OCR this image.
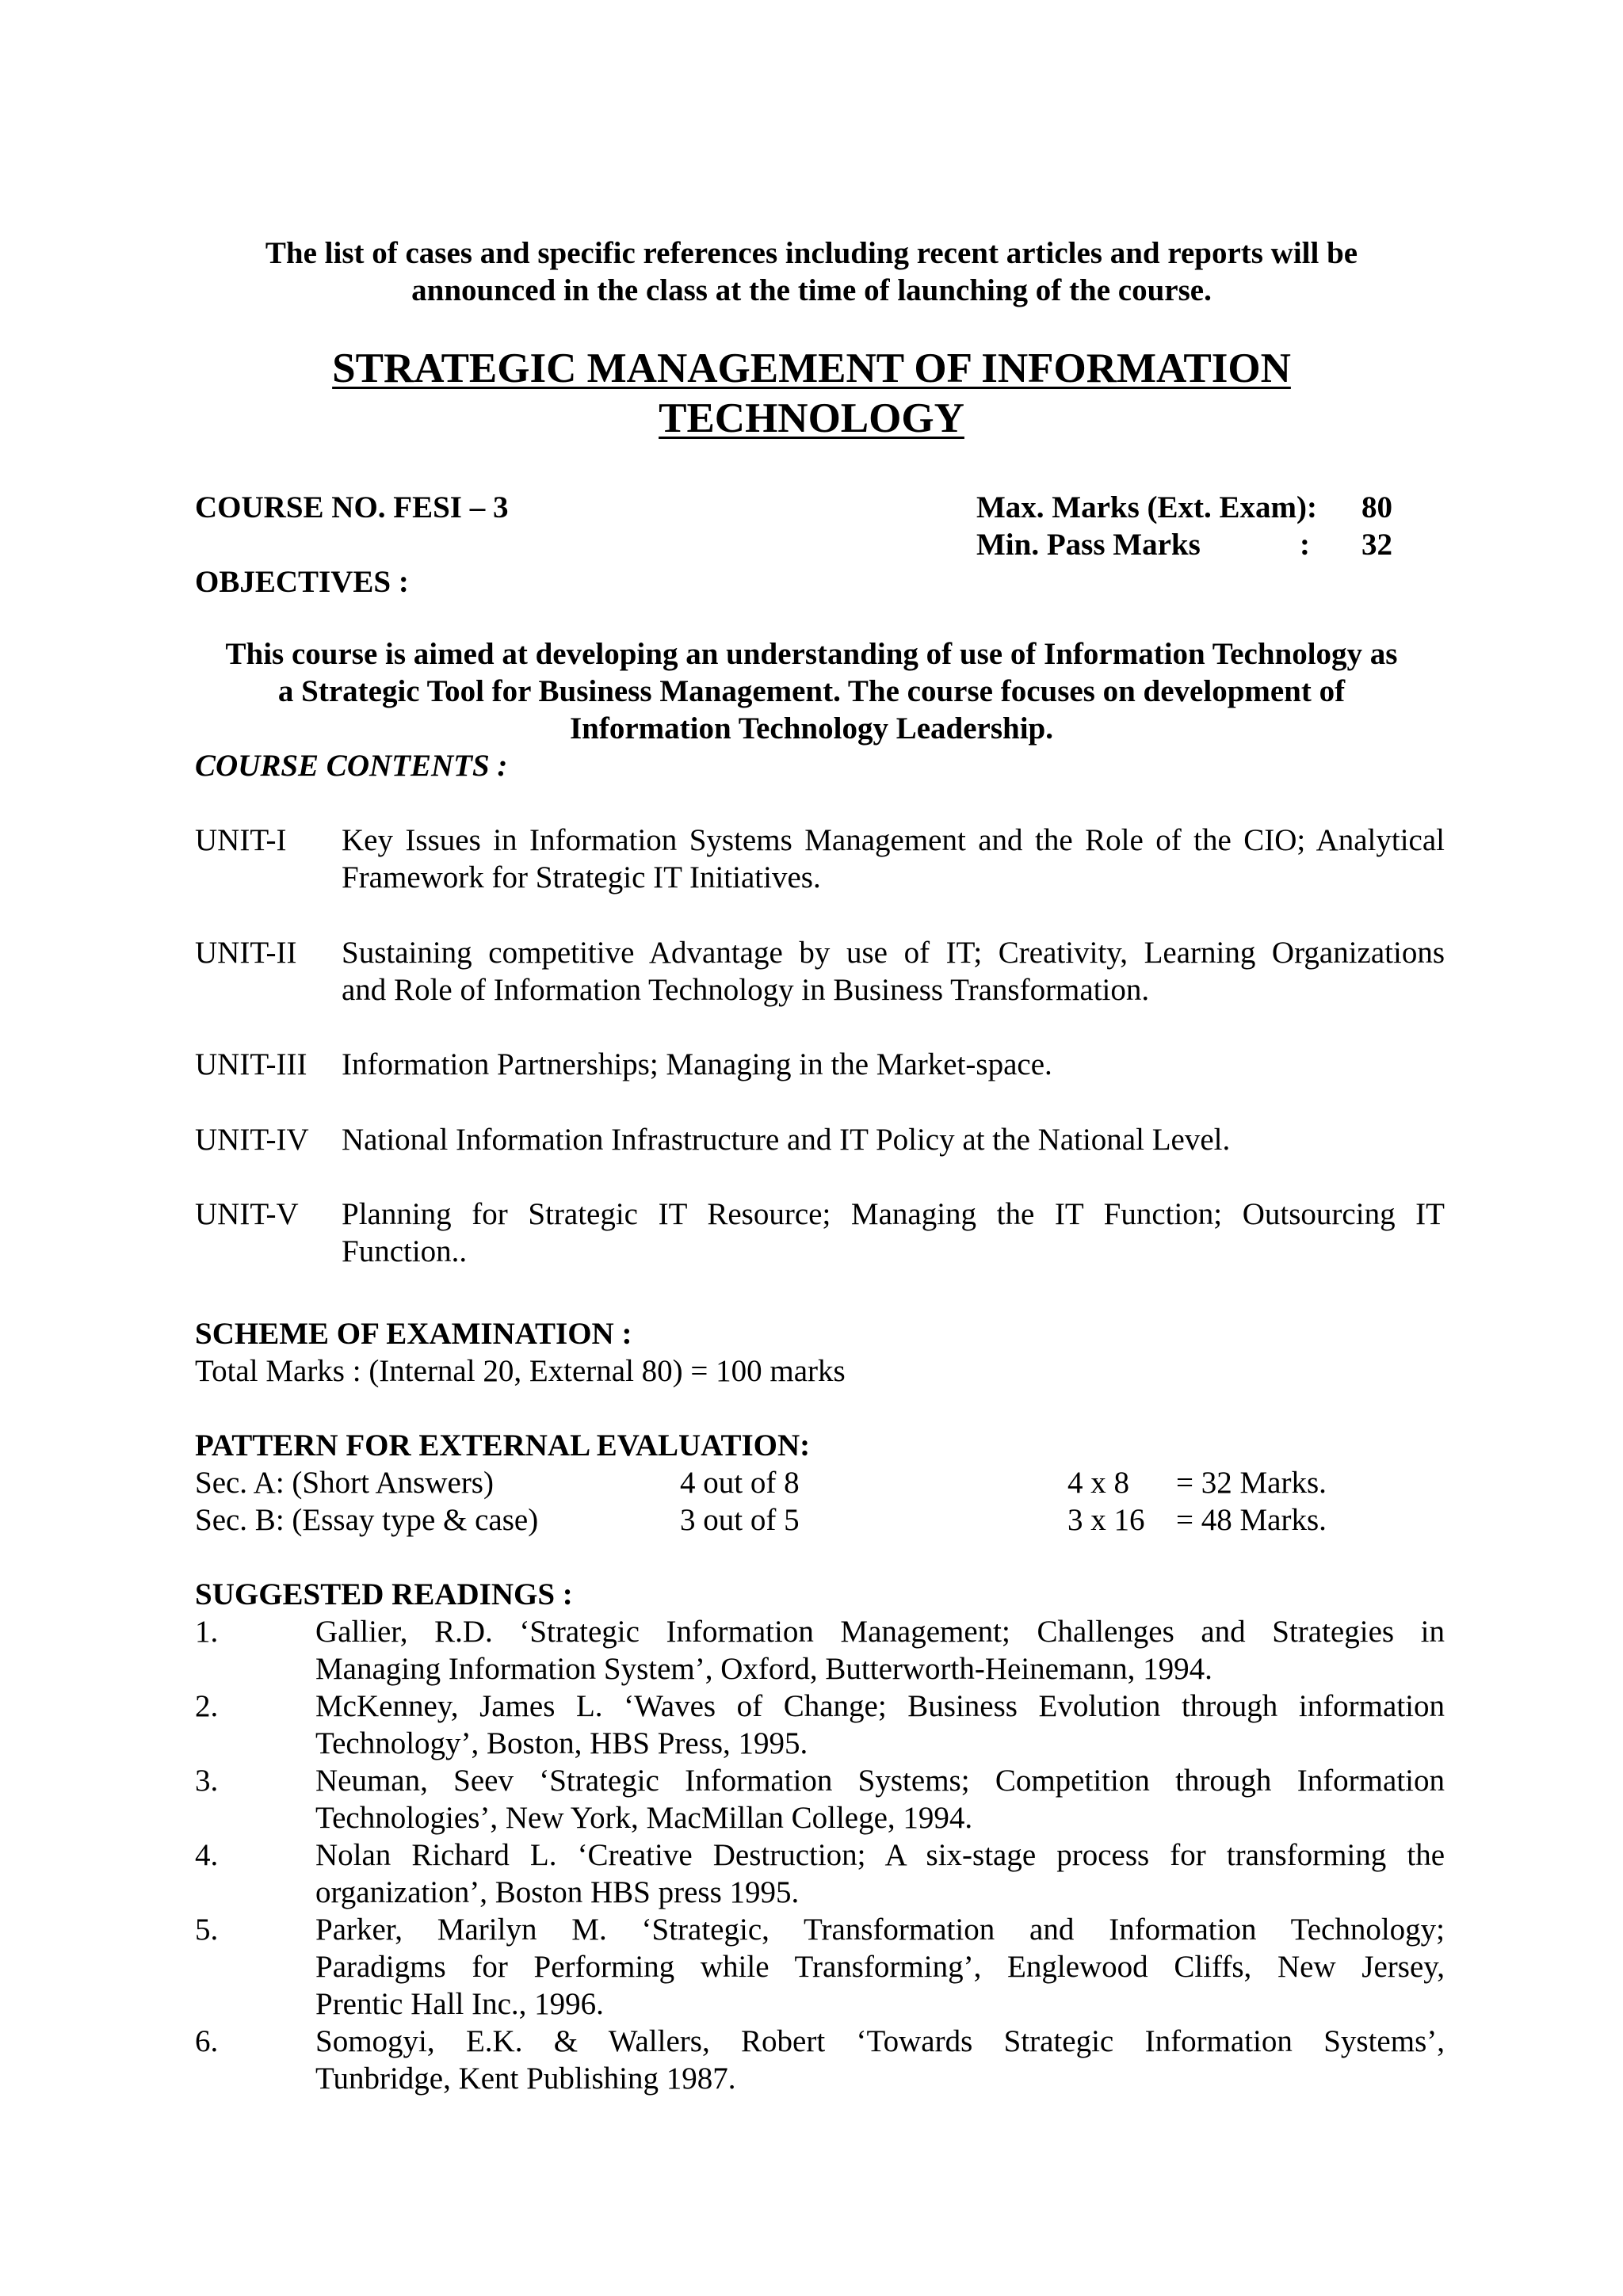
The list of cases and specific references including recent articles and reports will be
announced in the class at the time of launching of the course.
STRATEGIC MANAGEMENT OF INFORMATION
TECHNOLOGY
COURSE NO. FESI – 3	Max. Marks (Ext. Exam): 80
Min. Pass Marks	: 32
OBJECTIVES :
This course is aimed at developing an understanding of use of Information Technology as
a Strategic Tool for Business Management. The course focuses on development of
Information Technology Leadership.
COURSE CONTENTS :
UNIT-I Key Issues in Information Systems Management and the Role of the CIO; Analytical
Framework for Strategic IT Initiatives.
UNIT-II Sustaining competitive Advantage by use of IT; Creativity, Learning Organizations
and Role of Information Technology in Business Transformation.
UNIT-III Information Partnerships; Managing in the Market-space.
UNIT-IV National Information Infrastructure and IT Policy at the National Level.
UNIT-V Planning for Strategic IT Resource; Managing the IT Function; Outsourcing IT
Function..
SCHEME OF EXAMINATION :
Total Marks : (Internal 20, External 80) = 100 marks
PATTERN FOR EXTERNAL EVALUATION:
Sec. A: (Short Answers)	4 out of 8	4 x 8 = 32 Marks.
Sec. B: (Essay type & case)	3 out of 5	3 x 16 = 48 Marks.
SUGGESTED READINGS :
1.	Gallier, R.D. ‘Strategic Information Management; Challenges and Strategies in
Managing Information System’, Oxford, Butterworth-Heinemann, 1994.
2.	McKenney, James L. ‘Waves of Change; Business Evolution through information
Technology’, Boston, HBS Press, 1995.
3.	Neuman, Seev ‘Strategic Information Systems; Competition through Information
Technologies’, New York, MacMillan College, 1994.
4.	Nolan Richard L. ‘Creative Destruction; A six-stage process for transforming the
organization’, Boston HBS press 1995.
5.	Parker, Marilyn M. ‘Strategic, Transformation and Information Technology;
Paradigms for Performing while Transforming’, Englewood Cliffs, New Jersey,
Prentic Hall Inc., 1996.
6.	Somogyi, E.K. & Wallers, Robert ‘Towards Strategic Information Systems’,
Tunbridge, Kent Publishing 1987.
